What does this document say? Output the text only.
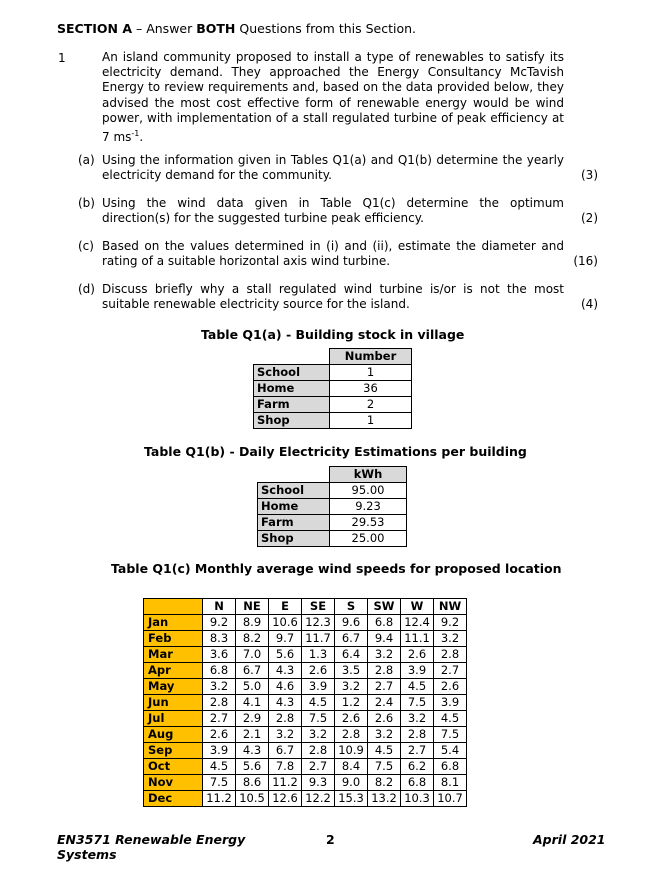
SECTION A – Answer BOTH Questions from this Section.
1	An island community proposed to install a type of renewables to satisfy its electricity demand. They approached the Energy Consultancy McTavish Energy to review requirements and, based on the data provided below, they advised the most cost effective form of renewable energy would be wind power, with implementation of a stall regulated turbine of peak efficiency at 7 $ms^{-1}$.
(a) Using the information given in Tables Q1(a) and Q1(b) determine the yearly electricity demand for the community.	(3)
(b) Using the wind data given in Table Q1(c) determine the optimum direction(s) for the suggested turbine peak efficiency.	(2)
(c) Based on the values determined in (i) and (ii), estimate the diameter and rating of a suitable horizontal axis wind turbine.	(16)
(d) Discuss briefly why a stall regulated wind turbine is/or is not the most suitable renewable electricity source for the island.	(4)
Table Q1(a) - Building stock in village
	Number
School	1
Home	36
Farm	2
Shop	1
Table Q1(b) - Daily Electricity Estimations per building
	kWh
School	95.00
Home	9.23
Farm	29.53
Shop	25.00
Table Q1(c) Monthly average wind speeds for proposed location
	N	NE	E	SE	S	SW	W	NW
Jan	9.2	8.9	10.6	12.3	9.6	6.8	12.4	9.2
Feb	8.3	8.2	9.7	11.7	6.7	9.4	11.1	3.2
Mar	3.6	7.0	5.6	1.3	6.4	3.2	2.6	2.8
Apr	6.8	6.7	4.3	2.6	3.5	2.8	3.9	2.7
May	3.2	5.0	4.6	3.9	3.2	2.7	4.5	2.6
Jun	2.8	4.1	4.3	4.5	1.2	2.4	7.5	3.9
Jul	2.7	2.9	2.8	7.5	2.6	2.6	3.2	4.5
Aug	2.6	2.1	3.2	3.2	2.8	3.2	2.8	7.5
Sep	3.9	4.3	6.7	2.8	10.9	4.5	2.7	5.4
Oct	4.5	5.6	7.8	2.7	8.4	7.5	6.2	6.8
Nov	7.5	8.6	11.2	9.3	9.0	8.2	6.8	8.1
Dec	11.2	10.5	12.6	12.2	15.3	13.2	10.3	10.7
EN3571 Renewable Energy
Systems
2	April 2021
